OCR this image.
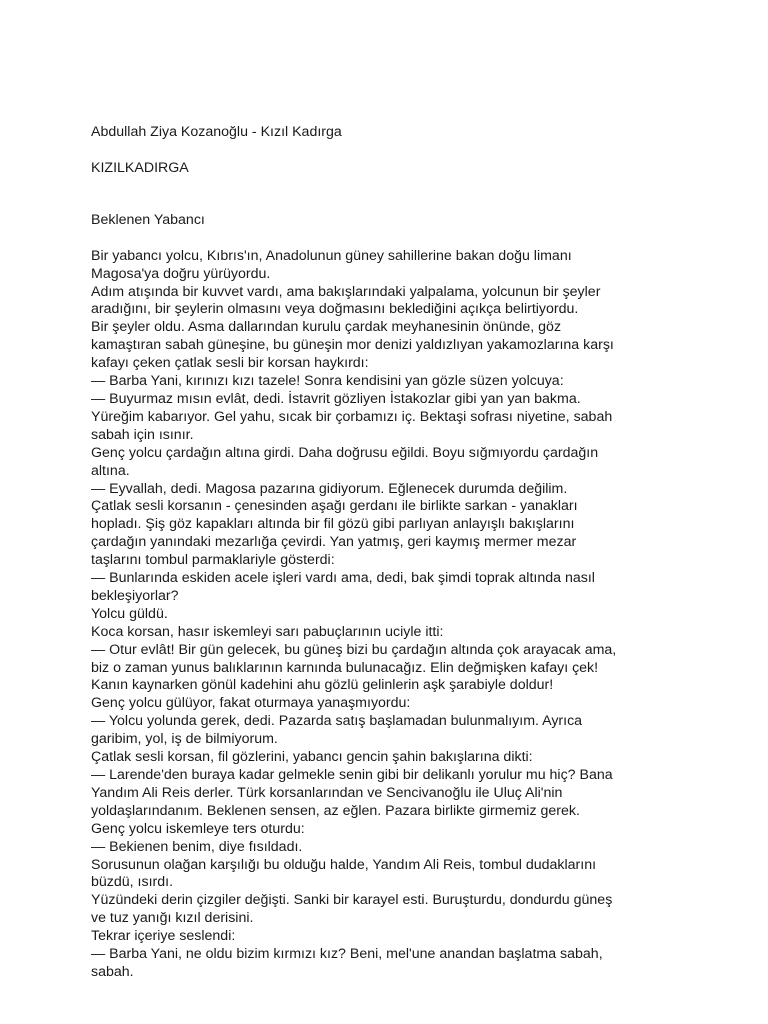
Abdullah Ziya Kozanoğlu - Kızıl Kadırga
KIZILKADIRGA
Beklenen Yabancı
Bir yabancı yolcu, Kıbrıs'ın, Anadolunun güney sahillerine bakan doğu limanı
Magosa'ya doğru yürüyordu.
Adım atışında bir kuvvet vardı, ama bakışlarındaki yalpalama, yolcunun bir şeyler
aradığını, bir şeylerin olmasını veya doğmasını beklediğini açıkça belirtiyordu.
Bir şeyler oldu. Asma dallarından kurulu çardak meyhanesinin önünde, göz
kamaştıran sabah güneşine, bu güneşin mor denizi yaldızlıyan yakamozlarına karşı
kafayı çeken çatlak sesli bir korsan haykırdı:
— Barba Yani, kırınızı kızı tazele! Sonra kendisini yan gözle süzen yolcuya:
— Buyurmaz mısın evlât, dedi. İstavrit gözliyen İstakozlar gibi yan yan bakma.
Yüreğim kabarıyor. Gel yahu, sıcak bir çorbamızı iç. Bektaşi sofrası niyetine, sabah
sabah için ısınır.
Genç yolcu çardağın altına girdi. Daha doğrusu eğildi. Boyu sığmıyordu çardağın
altına.
— Eyvallah, dedi. Magosa pazarına gidiyorum. Eğlenecek durumda değilim.
Çatlak sesli korsanın - çenesinden aşağı gerdanı ile birlikte sarkan - yanakları
hopladı. Şiş göz kapakları altında bir fil gözü gibi parlıyan anlayışlı bakışlarını
çardağın yanındaki mezarlığa çevirdi. Yan yatmış, geri kaymış mermer mezar
taşlarını tombul parmaklariyle gösterdi:
— Bunlarında eskiden acele işleri vardı ama, dedi, bak şimdi toprak altında nasıl
bekleşiyorlar?
Yolcu güldü.
Koca korsan, hasır iskemleyi sarı pabuçlarının uciyle itti:
— Otur evlât! Bir gün gelecek, bu güneş bizi bu çardağın altında çok arayacak ama,
biz o zaman yunus balıklarının karnında bulunacağız. Elin değmişken kafayı çek!
Kanın kaynarken gönül kadehini ahu gözlü gelinlerin aşk şarabiyle doldur!
Genç yolcu gülüyor, fakat oturmaya yanaşmıyordu:
— Yolcu yolunda gerek, dedi. Pazarda satış başlamadan bulunmalıyım. Ayrıca
garibim, yol, iş de bilmiyorum.
Çatlak sesli korsan, fil gözlerini, yabancı gencin şahin bakışlarına dikti:
— Larende'den buraya kadar gelmekle senin gibi bir delikanlı yorulur mu hiç? Bana
Yandım Ali Reis derler. Türk korsanlarından ve Sencivanoğlu ile Uluç Ali'nin
yoldaşlarındanım. Beklenen sensen, az eğlen. Pazara birlikte girmemiz gerek.
Genç yolcu iskemleye ters oturdu:
— Bekienen benim, diye fısıldadı.
Sorusunun olağan karşılığı bu olduğu halde, Yandım Ali Reis, tombul dudaklarını
büzdü, ısırdı.
Yüzündeki derin çizgiler değişti. Sanki bir karayel esti. Buruşturdu, dondurdu güneş
ve tuz yanığı kızıl derisini.
Tekrar içeriye seslendi:
— Barba Yani, ne oldu bizim kırmızı kız? Beni, mel'une anandan başlatma sabah,
sabah.
